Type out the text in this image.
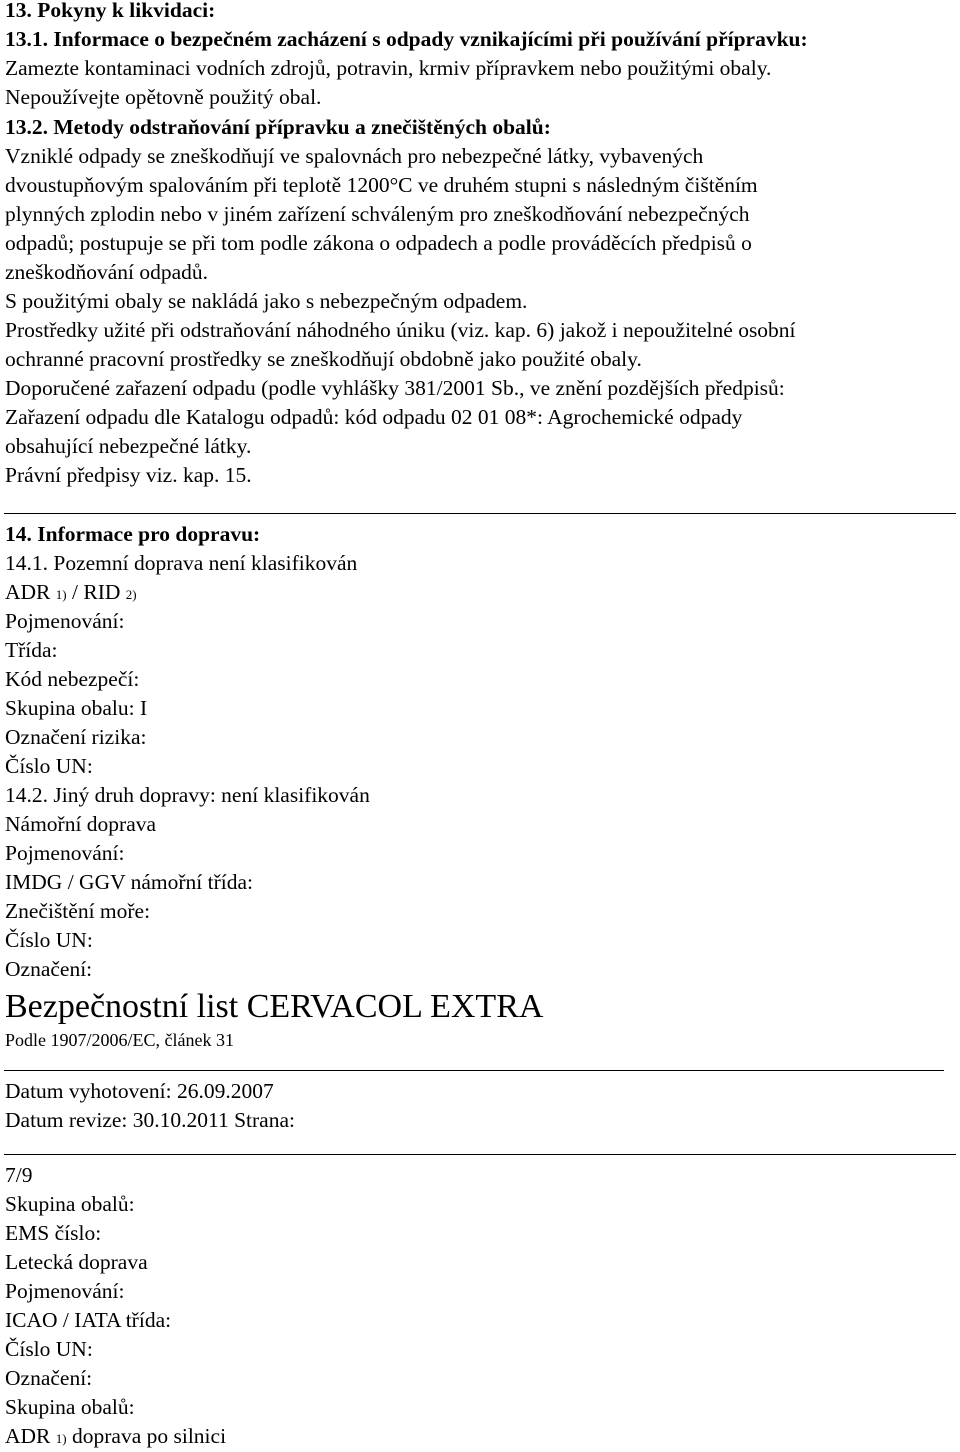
13. Pokyny k likvidaci:
13.1. Informace o bezpečném zacházení s odpady vznikajícími při používání přípravku:
Zamezte kontaminaci vodních zdrojů, potravin, krmiv přípravkem nebo použitými obaly.
Nepoužívejte opětovně použitý obal.
13.2. Metody odstraňování přípravku a znečištěných obalů:
Vzniklé odpady se zneškodňují ve spalovnách pro nebezpečné látky, vybavených
dvoustupňovým spalováním při teplotě 1200°C ve druhém stupni s následným čištěním
plynných zplodin nebo v jiném zařízení schváleným pro zneškodňování nebezpečných
odpadů; postupuje se při tom podle zákona o odpadech a podle prováděcích předpisů o
zneškodňování odpadů.
S použitými obaly se nakládá jako s nebezpečným odpadem.
Prostředky užité při odstraňování náhodného úniku (viz. kap. 6) jakož i nepoužitelné osobní
ochranné pracovní prostředky se zneškodňují obdobně jako použité obaly.
Doporučené zařazení odpadu (podle vyhlášky 381/2001 Sb., ve znění pozdějších předpisů:
Zařazení odpadu dle Katalogu odpadů: kód odpadu 02 01 08*: Agrochemické odpady
obsahující nebezpečné látky.
Právní předpisy viz. kap. 15.
14. Informace pro dopravu:
14.1. Pozemní doprava není klasifikován
ADR 1) / RID 2)
Pojmenování:
Třída:
Kód nebezpečí:
Skupina obalu: I
Označení rizika:
Číslo UN:
14.2. Jiný druh dopravy: není klasifikován
Námořní doprava
Pojmenování:
IMDG / GGV námořní třída:
Znečištění moře:
Číslo UN:
Označení:
Bezpečnostní list CERVACOL EXTRA
Podle 1907/2006/EC, článek 31
Datum vyhotovení: 26.09.2007
Datum revize: 30.10.2011 Strana:
7/9
Skupina obalů:
EMS číslo:
Letecká doprava
Pojmenování:
ICAO / IATA třída:
Číslo UN:
Označení:
Skupina obalů:
ADR 1) doprava po silnici
